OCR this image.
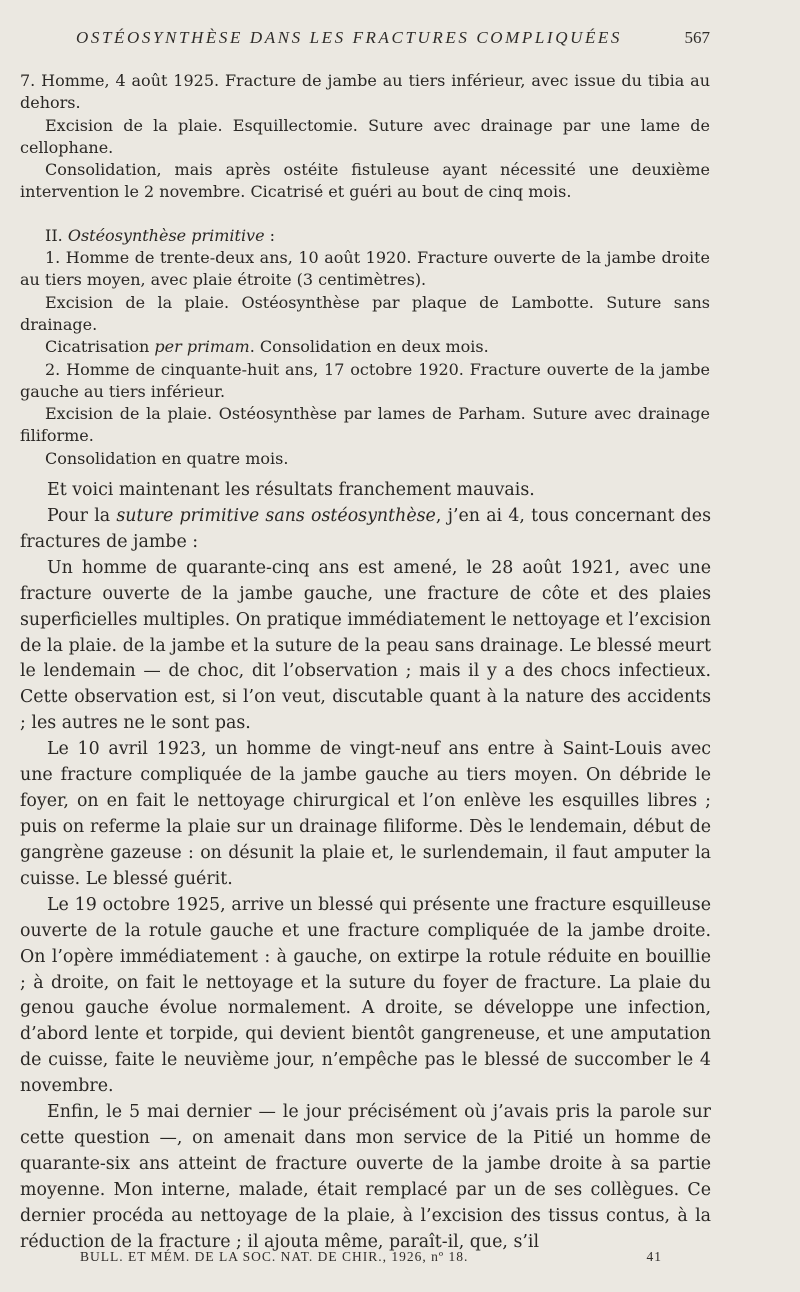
OSTÉOSYNTHÈSE DANS LES FRACTURES COMPLIQUÉES	567

7. Homme, 4 août 1925. Fracture de jambe au tiers inférieur, avec issue du tibia au dehors.

Excision de la plaie. Esquillectomie. Suture avec drainage par une lame de cellophane.

Consolidation, mais après ostéite fistuleuse ayant nécessité une deuxième intervention le 2 novembre. Cicatrisé et guéri au bout de cinq mois.

II. Ostéosynthèse primitive :

1. Homme de trente-deux ans, 10 août 1920. Fracture ouverte de la jambe droite au tiers moyen, avec plaie étroite (3 centimètres).

Excision de la plaie. Ostéosynthèse par plaque de Lambotte. Suture sans drainage.

Cicatrisation per primam. Consolidation en deux mois.

2. Homme de cinquante-huit ans, 17 octobre 1920. Fracture ouverte de la jambe gauche au tiers inférieur.

Excision de la plaie. Ostéosynthèse par lames de Parham. Suture avec drainage filiforme.

Consolidation en quatre mois.

Et voici maintenant les résultats franchement mauvais.

Pour la suture primitive sans ostéosynthèse, j’en ai 4, tous concernant des fractures de jambe :

Un homme de quarante-cinq ans est amené, le 28 août 1921, avec une fracture ouverte de la jambe gauche, une fracture de côte et des plaies superficielles multiples. On pratique immédiatement le nettoyage et l’excision de la plaie. de la jambe et la suture de la peau sans drainage. Le blessé meurt le lendemain — de choc, dit l’observation ; mais il y a des chocs infectieux. Cette observation est, si l’on veut, discutable quant à la nature des accidents ; les autres ne le sont pas.

Le 10 avril 1923, un homme de vingt-neuf ans entre à Saint-Louis avec une fracture compliquée de la jambe gauche au tiers moyen. On débride le foyer, on en fait le nettoyage chirurgical et l’on enlève les esquilles libres ; puis on referme la plaie sur un drainage filiforme. Dès le lendemain, début de gangrène gazeuse : on désunit la plaie et, le surlendemain, il faut amputer la cuisse. Le blessé guérit.

Le 19 octobre 1925, arrive un blessé qui présente une fracture esquilleuse ouverte de la rotule gauche et une fracture compliquée de la jambe droite. On l’opère immédiatement : à gauche, on extirpe la rotule réduite en bouillie ; à droite, on fait le nettoyage et la suture du foyer de fracture. La plaie du genou gauche évolue normalement. A droite, se développe une infection, d’abord lente et torpide, qui devient bientôt gangreneuse, et une amputation de cuisse, faite le neuvième jour, n’empêche pas le blessé de succomber le 4 novembre.

Enfin, le 5 mai dernier — le jour précisément où j’avais pris la parole sur cette question —, on amenait dans mon service de la Pitié un homme de quarante-six ans atteint de fracture ouverte de la jambe droite à sa partie moyenne. Mon interne, malade, était remplacé par un de ses collègues. Ce dernier procéda au nettoyage de la plaie, à l’excision des tissus contus, à la réduction de la fracture ; il ajouta même, paraît-il, que, s’il

BULL. ET MÉM. DE LA SOC. NAT. DE CHIR., 1926, nº 18.	41
